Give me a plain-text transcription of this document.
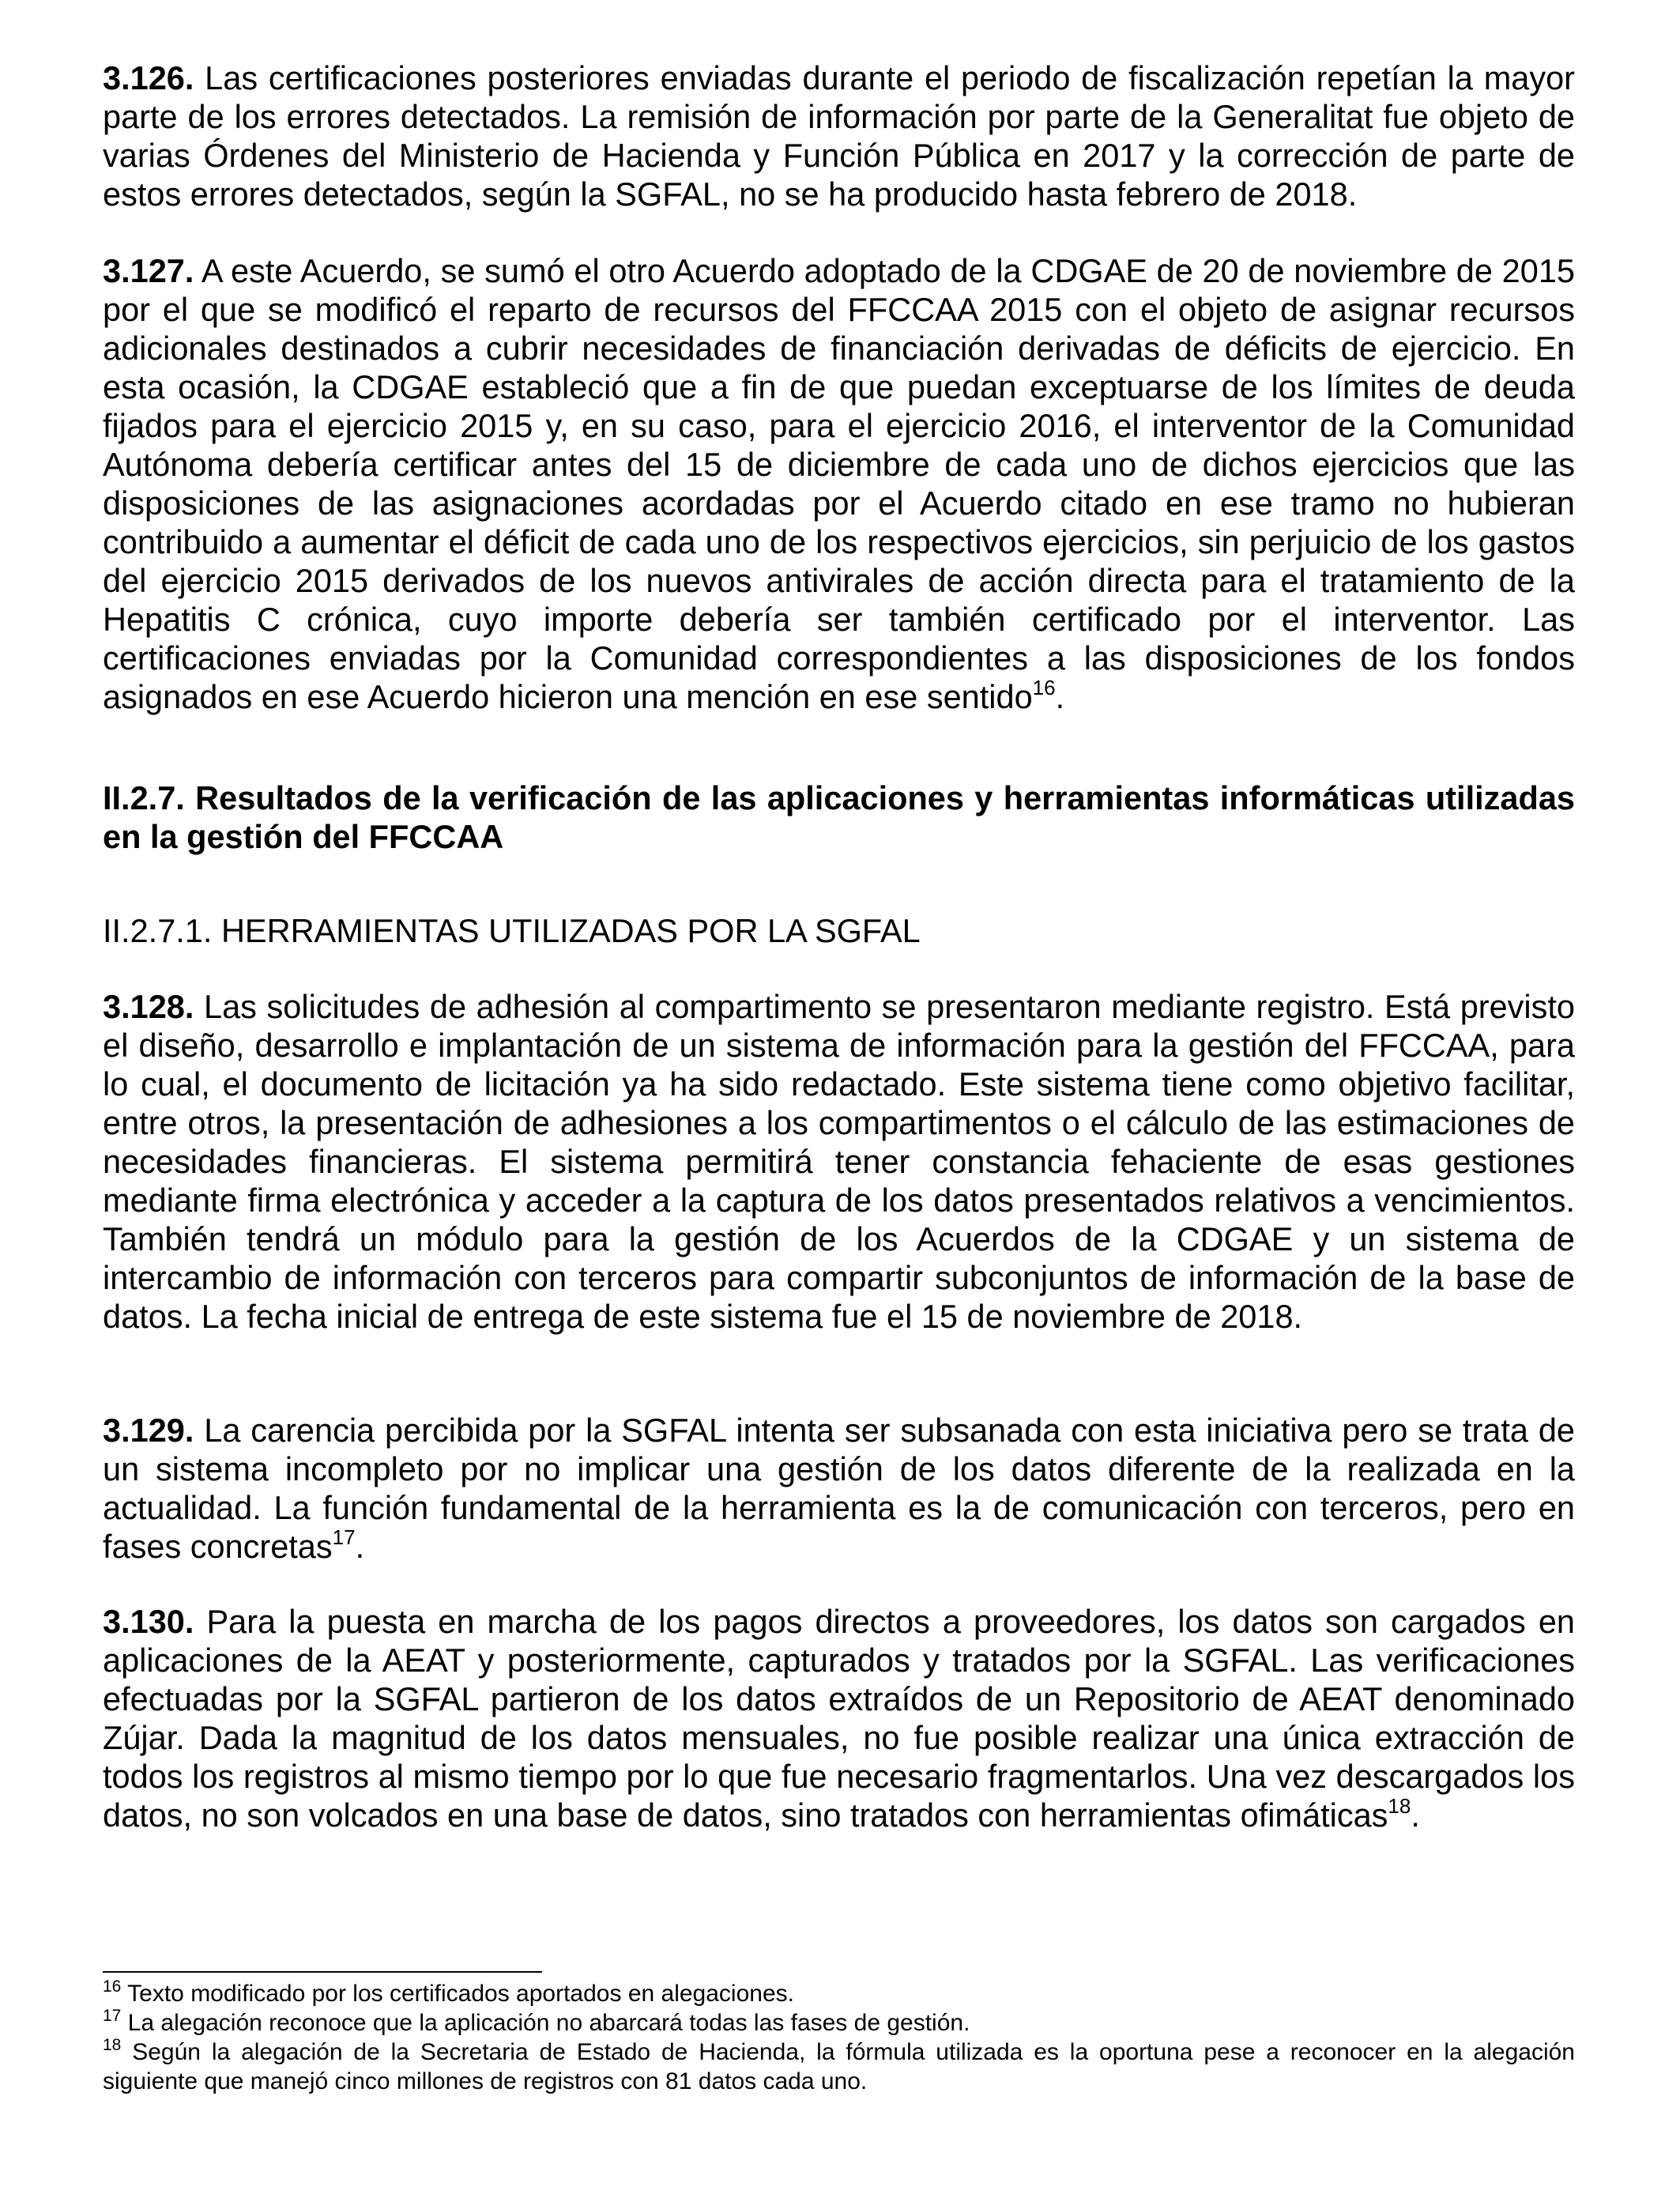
3.126. Las certificaciones posteriores enviadas durante el periodo de fiscalización repetían la mayor parte de los errores detectados. La remisión de información por parte de la Generalitat fue objeto de varias Órdenes del Ministerio de Hacienda y Función Pública en 2017 y la corrección de parte de estos errores detectados, según la SGFAL, no se ha producido hasta febrero de 2018.

3.127. A este Acuerdo, se sumó el otro Acuerdo adoptado de la CDGAE de 20 de noviembre de 2015 por el que se modificó el reparto de recursos del FFCCAA 2015 con el objeto de asignar recursos adicionales destinados a cubrir necesidades de financiación derivadas de déficits de ejercicio. En esta ocasión, la CDGAE estableció que a fin de que puedan exceptuarse de los límites de deuda fijados para el ejercicio 2015 y, en su caso, para el ejercicio 2016, el interventor de la Comunidad Autónoma debería certificar antes del 15 de diciembre de cada uno de dichos ejercicios que las disposiciones de las asignaciones acordadas por el Acuerdo citado en ese tramo no hubieran contribuido a aumentar el déficit de cada uno de los respectivos ejercicios, sin perjuicio de los gastos del ejercicio 2015 derivados de los nuevos antivirales de acción directa para el tratamiento de la Hepatitis C crónica, cuyo importe debería ser también certificado por el interventor. Las certificaciones enviadas por la Comunidad correspondientes a las disposiciones de los fondos asignados en ese Acuerdo hicieron una mención en ese sentido$^{16}$.

II.2.7. Resultados de la verificación de las aplicaciones y herramientas informáticas utilizadas en la gestión del FFCCAA

II.2.7.1. HERRAMIENTAS UTILIZADAS POR LA SGFAL

3.128. Las solicitudes de adhesión al compartimento se presentaron mediante registro. Está previsto el diseño, desarrollo e implantación de un sistema de información para la gestión del FFCCAA, para lo cual, el documento de licitación ya ha sido redactado. Este sistema tiene como objetivo facilitar, entre otros, la presentación de adhesiones a los compartimentos o el cálculo de las estimaciones de necesidades financieras. El sistema permitirá tener constancia fehaciente de esas gestiones mediante firma electrónica y acceder a la captura de los datos presentados relativos a vencimientos. También tendrá un módulo para la gestión de los Acuerdos de la CDGAE y un sistema de intercambio de información con terceros para compartir subconjuntos de información de la base de datos. La fecha inicial de entrega de este sistema fue el 15 de noviembre de 2018.

3.129. La carencia percibida por la SGFAL intenta ser subsanada con esta iniciativa pero se trata de un sistema incompleto por no implicar una gestión de los datos diferente de la realizada en la actualidad. La función fundamental de la herramienta es la de comunicación con terceros, pero en fases concretas$^{17}$.

3.130. Para la puesta en marcha de los pagos directos a proveedores, los datos son cargados en aplicaciones de la AEAT y posteriormente, capturados y tratados por la SGFAL. Las verificaciones efectuadas por la SGFAL partieron de los datos extraídos de un Repositorio de AEAT denominado Zújar. Dada la magnitud de los datos mensuales, no fue posible realizar una única extracción de todos los registros al mismo tiempo por lo que fue necesario fragmentarlos. Una vez descargados los datos, no son volcados en una base de datos, sino tratados con herramientas ofimáticas$^{18}$.

$^{16}$ Texto modificado por los certificados aportados en alegaciones.

$^{17}$ La alegación reconoce que la aplicación no abarcará todas las fases de gestión.

$^{18}$ Según la alegación de la Secretaria de Estado de Hacienda, la fórmula utilizada es la oportuna pese a reconocer en la alegación siguiente que manejó cinco millones de registros con 81 datos cada uno.
